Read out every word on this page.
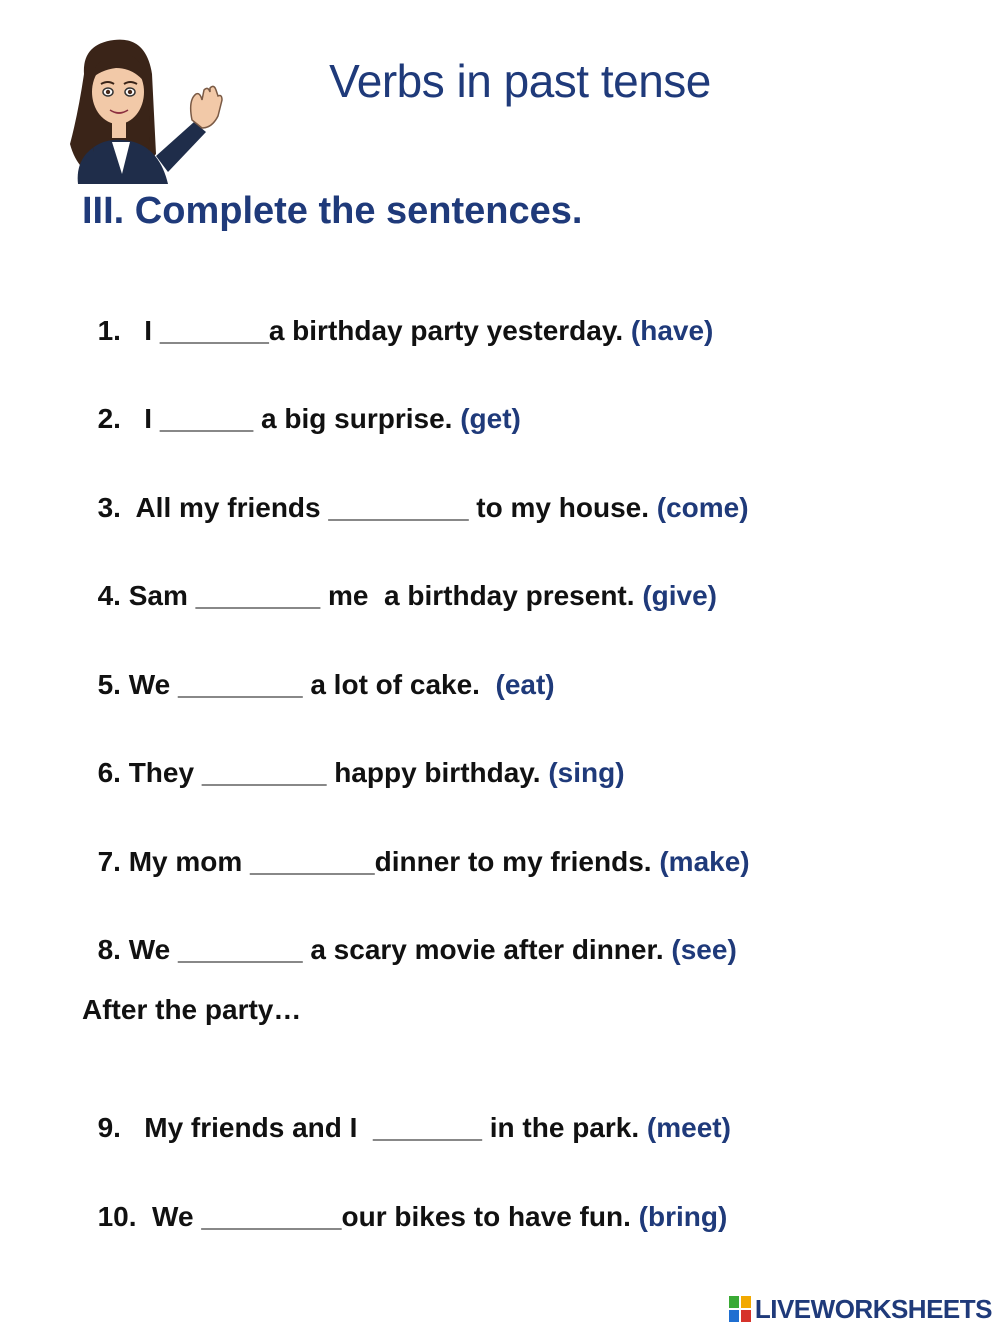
Verbs in past tense
III. Complete the sentences.

1.   I _______a birthday party yesterday. (have)

2.   I ______ a big surprise. (get)

3.  All my friends _________ to my house. (come)

4. Sam ________ me  a birthday present. (give)

5. We ________ a lot of cake.  (eat)

6. They ________ happy birthday. (sing)

7. My mom ________dinner to my friends. (make)

8. We ________ a scary movie after dinner. (see)

After the party…

9.   My friends and I  _______ in the park. (meet)

10.  We _________our bikes to have fun. (bring)

LIVEWORKSHEETS
